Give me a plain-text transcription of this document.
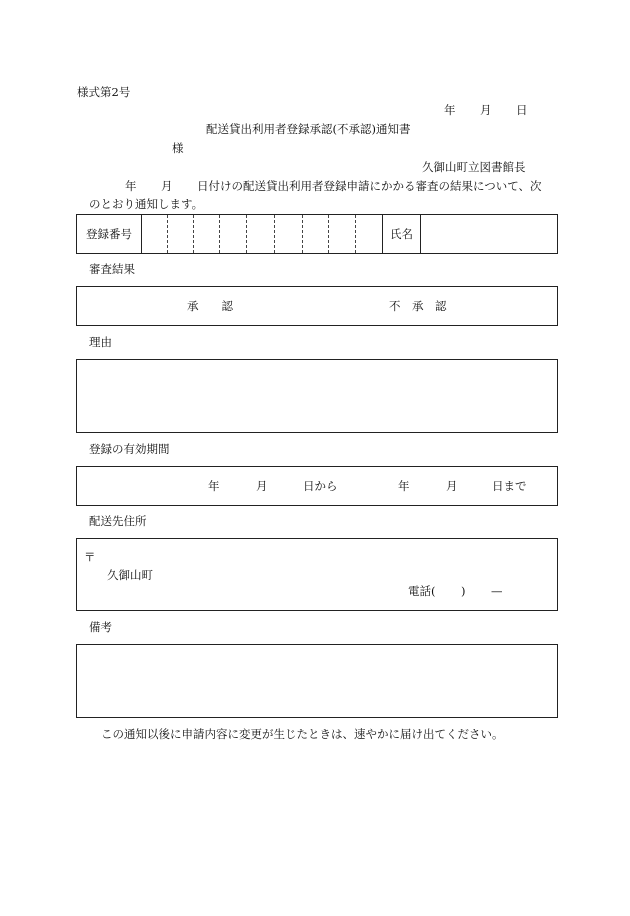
様式第2号
年 月 日
配送貸出利用者登録承認(不承認)通知書
様
久御山町立図書館長
年 月 日付けの配送貸出利用者登録申請にかかる審査の結果について、次
のとおり通知します。
登録番号	氏名
審査結果
承　　認	不　承　認
理由
登録の有効期間
年	月	日から	年	月	日まで
配送先住所
〒
久御山町
電話( ) —
備考
この通知以後に申請内容に変更が生じたときは、速やかに届け出てください。
